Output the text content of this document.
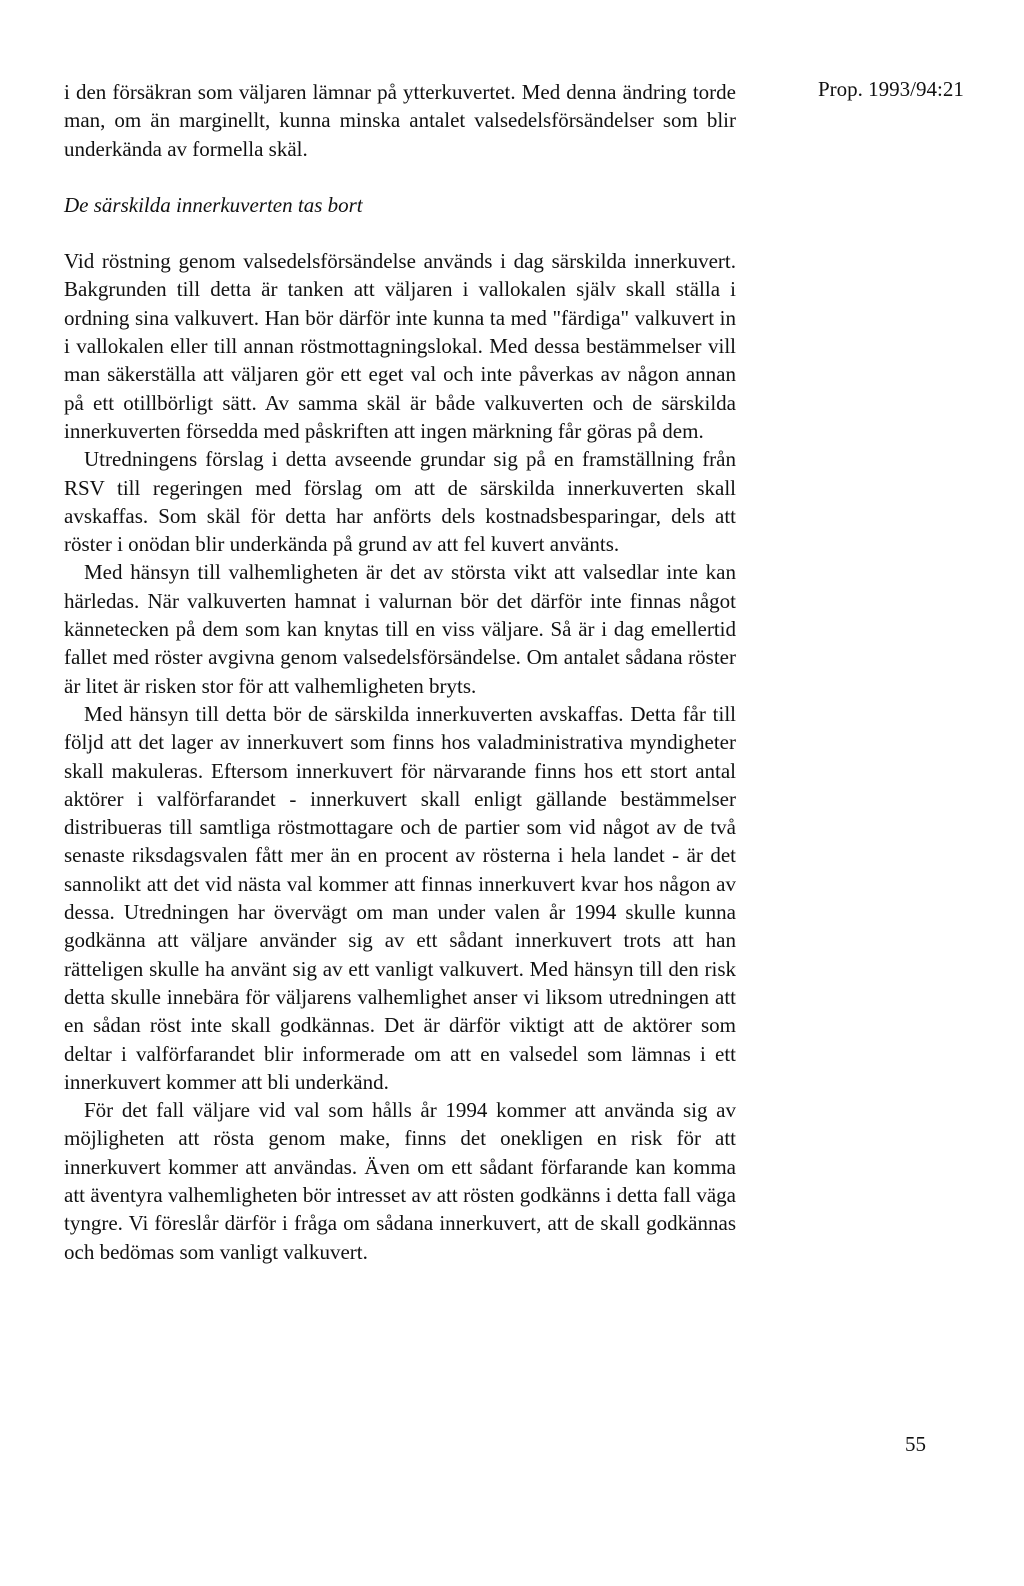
Prop. 1993/94:21

i den försäkran som väljaren lämnar på ytterkuvertet. Med denna ändring torde man, om än marginellt, kunna minska antalet valsedelsförsändelser som blir underkända av formella skäl.

De särskilda innerkuverten tas bort

Vid röstning genom valsedelsförsändelse används i dag särskilda innerkuvert. Bakgrunden till detta är tanken att väljaren i vallokalen själv skall ställa i ordning sina valkuvert. Han bör därför inte kunna ta med "färdiga" valkuvert in i vallokalen eller till annan röstmottagningslokal. Med dessa bestämmelser vill man säkerställa att väljaren gör ett eget val och inte påverkas av någon annan på ett otillbörligt sätt. Av samma skäl är både valkuverten och de särskilda innerkuverten försedda med påskriften att ingen märkning får göras på dem.

Utredningens förslag i detta avseende grundar sig på en framställning från RSV till regeringen med förslag om att de särskilda innerkuverten skall avskaffas. Som skäl för detta har anförts dels kostnadsbesparingar, dels att röster i onödan blir underkända på grund av att fel kuvert använts.

Med hänsyn till valhemligheten är det av största vikt att valsedlar inte kan härledas. När valkuverten hamnat i valurnan bör det därför inte finnas något kännetecken på dem som kan knytas till en viss väljare. Så är i dag emellertid fallet med röster avgivna genom valsedelsförsändelse. Om antalet sådana röster är litet är risken stor för att valhemligheten bryts.

Med hänsyn till detta bör de särskilda innerkuverten avskaffas. Detta får till följd att det lager av innerkuvert som finns hos valadministrativa myndigheter skall makuleras. Eftersom innerkuvert för närvarande finns hos ett stort antal aktörer i valförfarandet - innerkuvert skall enligt gällande bestämmelser distribueras till samtliga röstmottagare och de partier som vid något av de två senaste riksdagsvalen fått mer än en procent av rösterna i hela landet - är det sannolikt att det vid nästa val kommer att finnas innerkuvert kvar hos någon av dessa. Utredningen har övervägt om man under valen år 1994 skulle kunna godkänna att väljare använder sig av ett sådant innerkuvert trots att han rätteligen skulle ha använt sig av ett vanligt valkuvert. Med hänsyn till den risk detta skulle innebära för väljarens valhemlighet anser vi liksom utredningen att en sådan röst inte skall godkännas. Det är därför viktigt att de aktörer som deltar i valförfarandet blir informerade om att en valsedel som lämnas i ett innerkuvert kommer att bli underkänd.

För det fall väljare vid val som hålls år 1994 kommer att använda sig av möjligheten att rösta genom make, finns det onekligen en risk för att innerkuvert kommer att användas. Även om ett sådant förfarande kan komma att äventyra valhemligheten bör intresset av att rösten godkänns i detta fall väga tyngre. Vi föreslår därför i fråga om sådana innerkuvert, att de skall godkännas och bedömas som vanligt valkuvert.

55
